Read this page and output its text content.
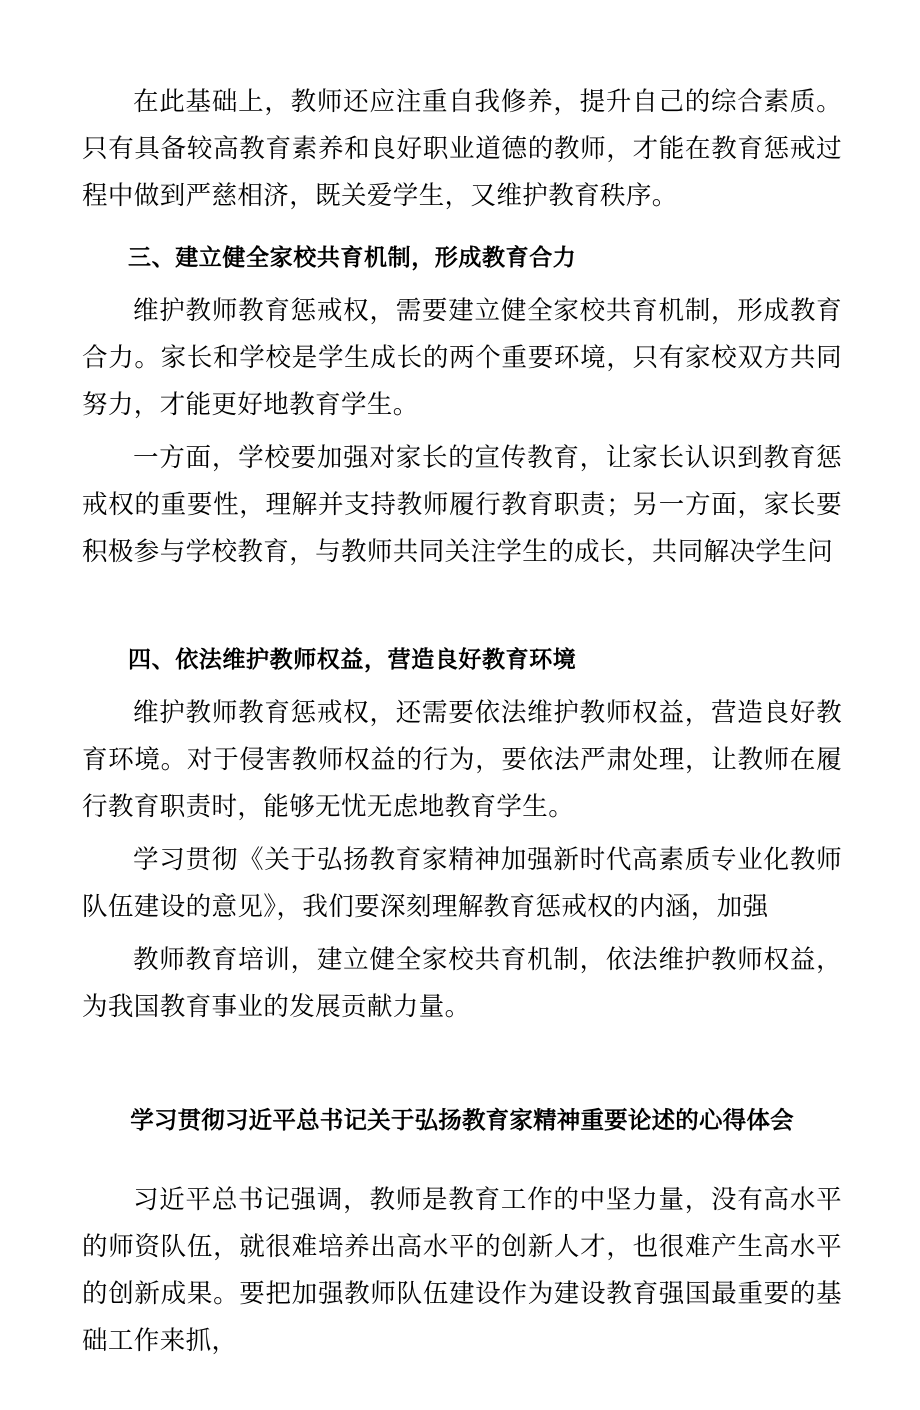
在此基础上，教师还应注重自我修养，提升自己的综合素质。只有具备较高教育素养和良好职业道德的教师，才能在教育惩戒过程中做到严慈相济，既关爱学生，又维护教育秩序。

三、建立健全家校共育机制，形成教育合力

维护教师教育惩戒权，需要建立健全家校共育机制，形成教育合力。家长和学校是学生成长的两个重要环境，只有家校双方共同努力，才能更好地教育学生。

一方面，学校要加强对家长的宣传教育，让家长认识到教育惩戒权的重要性，理解并支持教师履行教育职责；另一方面，家长要积极参与学校教育，与教师共同关注学生的成长，共同解决学生问

四、依法维护教师权益，营造良好教育环境

维护教师教育惩戒权，还需要依法维护教师权益，营造良好教育环境。对于侵害教师权益的行为，要依法严肃处理，让教师在履行教育职责时，能够无忧无虑地教育学生。

学习贯彻《关于弘扬教育家精神加强新时代高素质专业化教师队伍建设的意见》，我们要深刻理解教育惩戒权的内涵，加强

教师教育培训，建立健全家校共育机制，依法维护教师权益，为我国教育事业的发展贡献力量。

学习贯彻习近平总书记关于弘扬教育家精神重要论述的心得体会

习近平总书记强调，教师是教育工作的中坚力量，没有高水平的师资队伍，就很难培养出高水平的创新人才，也很难产生高水平的创新成果。要把加强教师队伍建设作为建设教育强国最重要的基础工作来抓，
